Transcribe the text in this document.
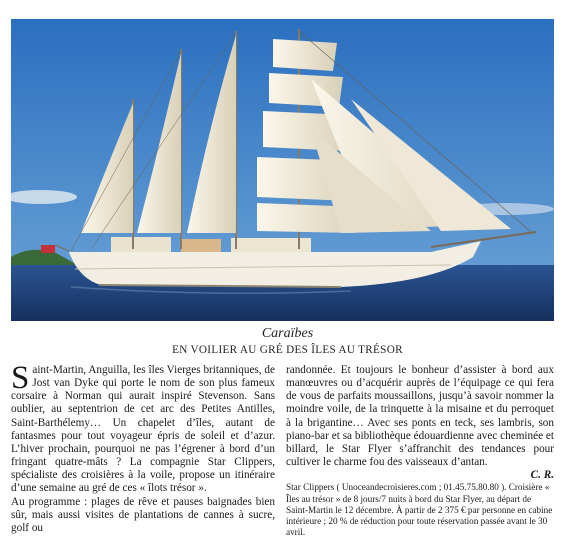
Caraïbes
EN VOILIER AU GRÉ DES ÎLES AU TRÉSOR

Saint-Martin, Anguilla, les îles Vierges britanniques, de Jost van Dyke qui porte le nom de son plus fameux corsaire à Norman qui aurait inspiré Stevenson. Sans oublier, au septentrion de cet arc des Petites Antilles, Saint-Barthélemy… Un chapelet d’îles, autant de fantasmes pour tout voyageur épris de soleil et d’azur. L’hiver prochain, pourquoi ne pas l’égrener à bord d’un fringant quatre-mâts ? La compagnie Star Clippers, spécialiste des croisières à la voile, propose un itinéraire d’une semaine au gré de ces « îlots trésor ».

Au programme : plages de rêve et pauses baignades bien sûr, mais aussi visites de plantations de cannes à sucre, golf ou

randonnée. Et toujours le bonheur d’assister à bord aux manœuvres ou d’acquérir auprès de l’équipage ce qui fera de vous de parfaits moussaillons, jusqu’à savoir nommer la moindre voile, de la trinquette à la misaine et du perroquet à la brigantine… Avec ses ponts en teck, ses lambris, son piano-bar et sa bibliothèque édouardienne avec cheminée et billard, le Star Flyer s’affranchit des tendances pour cultiver le charme fou des vaisseaux d’antan.

C. R.

Star Clippers ( Unoceandecroisieres.com ; 01.45.75.80.80 ). Croisière « Îles au trésor » de 8 jours/7 nuits à bord du Star Flyer, au départ de Saint-Martin le 12 décembre. À partir de 2 375 € par personne en cabine intérieure ; 20 % de réduction pour toute réservation passée avant le 30 avril.
